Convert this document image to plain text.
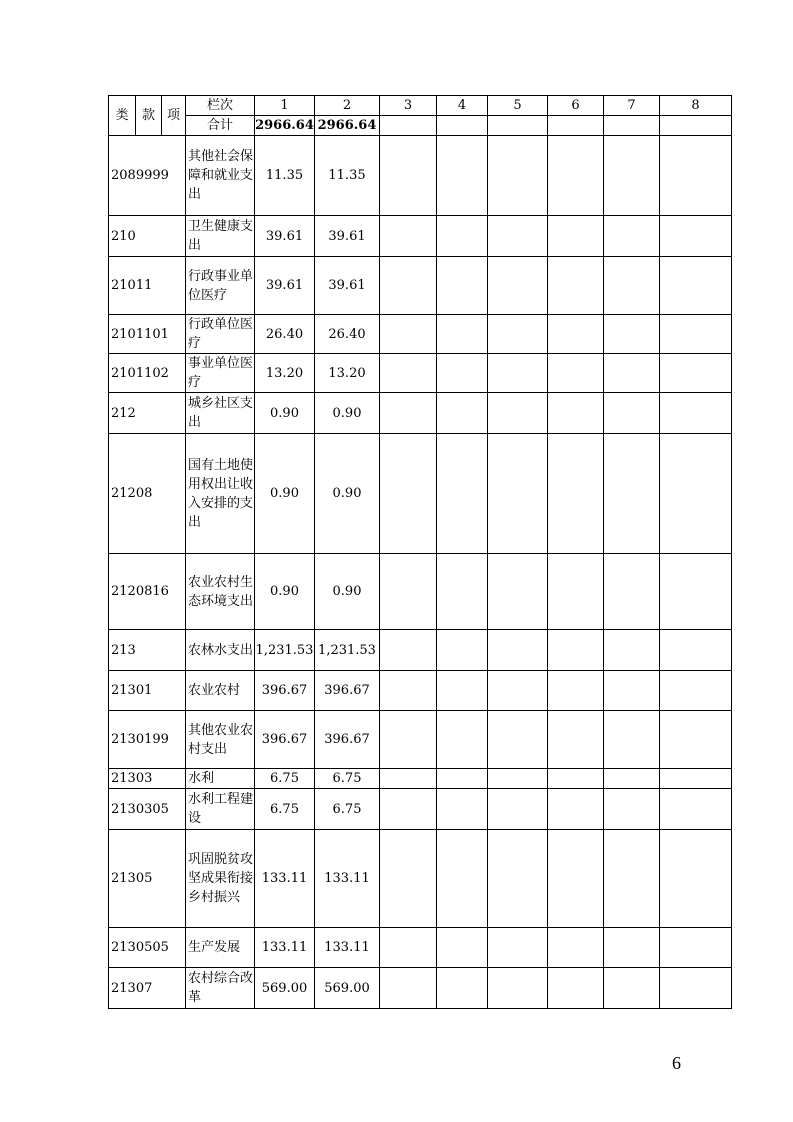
类	款	项	栏次	1	2	3	4	5	6	7	8
			合计	2966.64	2966.64						
2089999			其他社会保障和就业支出	11.35	11.35						
210			卫生健康支出	39.61	39.61						
21011			行政事业单位医疗	39.61	39.61						
2101101			行政单位医疗	26.40	26.40						
2101102			事业单位医疗	13.20	13.20						
212			城乡社区支出	0.90	0.90						
21208			国有土地使用权出让收入安排的支出	0.90	0.90						
2120816			农业农村生态环境支出	0.90	0.90						
213			农林水支出	1,231.53	1,231.53						
21301			农业农村	396.67	396.67						
2130199			其他农业农村支出	396.67	396.67						
21303			水利	6.75	6.75						
2130305			水利工程建设	6.75	6.75						
21305			巩固脱贫攻坚成果衔接乡村振兴	133.11	133.11						
2130505			生产发展	133.11	133.11						
21307			农村综合改革	569.00	569.00						
6
